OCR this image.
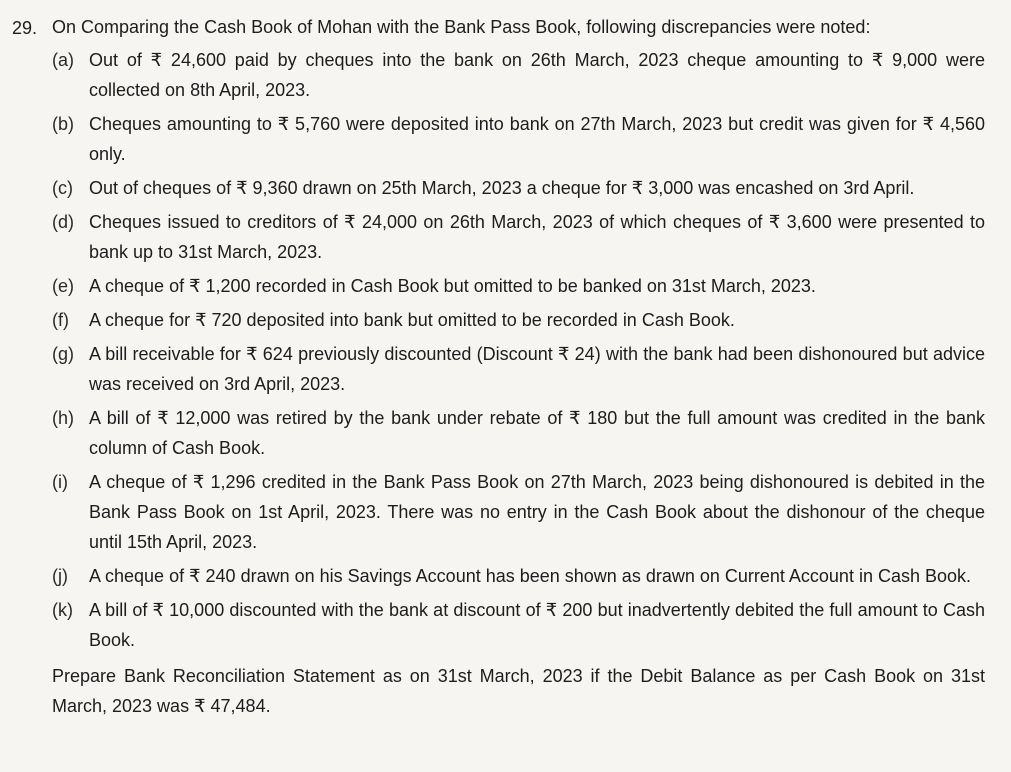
29. On Comparing the Cash Book of Mohan with the Bank Pass Book, following discrepancies were noted:
(a) Out of ₹ 24,600 paid by cheques into the bank on 26th March, 2023 cheque amounting to ₹ 9,000 were collected on 8th April, 2023.
(b) Cheques amounting to ₹ 5,760 were deposited into bank on 27th March, 2023 but credit was given for ₹ 4,560 only.
(c) Out of cheques of ₹ 9,360 drawn on 25th March, 2023 a cheque for ₹ 3,000 was encashed on 3rd April.
(d) Cheques issued to creditors of ₹ 24,000 on 26th March, 2023 of which cheques of ₹ 3,600 were presented to bank up to 31st March, 2023.
(e) A cheque of ₹ 1,200 recorded in Cash Book but omitted to be banked on 31st March, 2023.
(f)	A cheque for ₹ 720 deposited into bank but omitted to be recorded in Cash Book.
(g) A bill receivable for ₹ 624 previously discounted (Discount ₹ 24) with the bank had been dishonoured but advice was received on 3rd April, 2023.
(h) A bill of ₹ 12,000 was retired by the bank under rebate of ₹ 180 but the full amount was credited in the bank column of Cash Book.
(i)	A cheque of ₹ 1,296 credited in the Bank Pass Book on 27th March, 2023 being dishonoured is debited in the Bank Pass Book on 1st April, 2023. There was no entry in the Cash Book about the dishonour of the cheque until 15th April, 2023.
(j)	A cheque of ₹ 240 drawn on his Savings Account has been shown as drawn on Current Account in Cash Book.
(k) A bill of ₹ 10,000 discounted with the bank at discount of ₹ 200 but inadvertently debited the full amount to Cash Book.
Prepare Bank Reconciliation Statement as on 31st March, 2023 if the Debit Balance as per Cash Book on 31st March, 2023 was ₹ 47,484.
